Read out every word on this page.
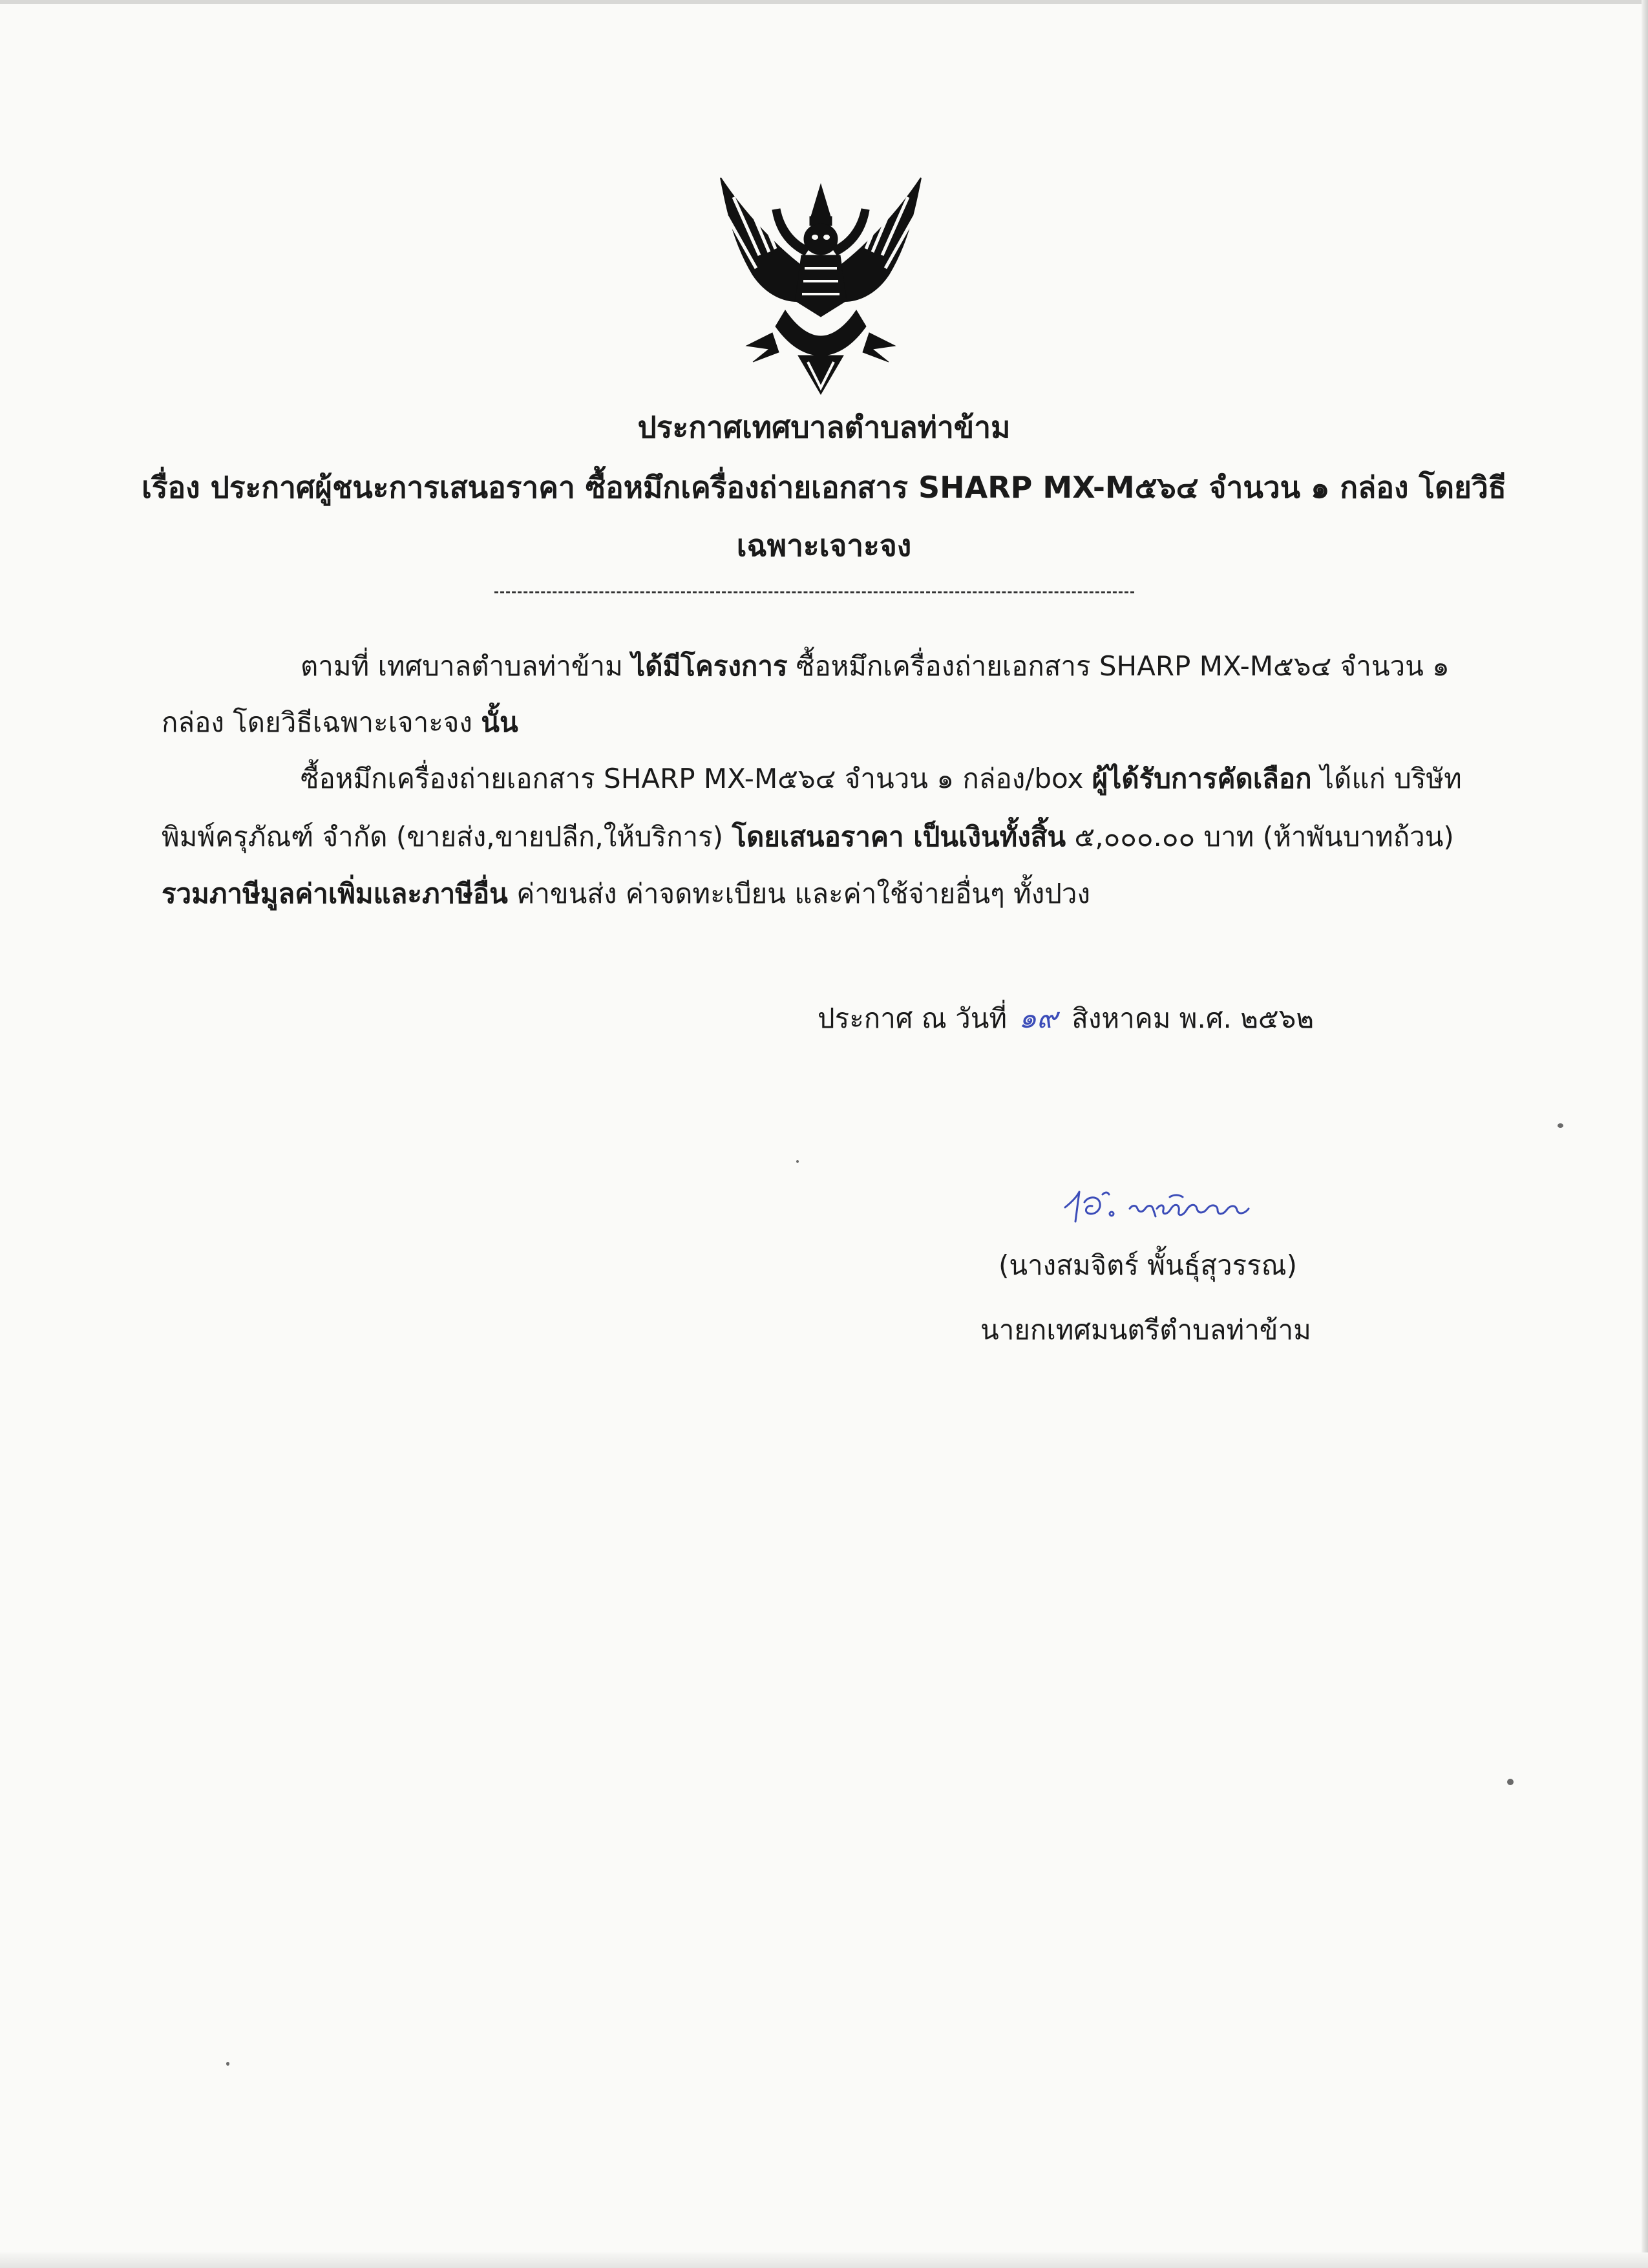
ประกาศเทศบาลตำบลท่าข้าม
เรื่อง ประกาศผู้ชนะการเสนอราคา ซื้อหมึกเครื่องถ่ายเอกสาร SHARP MX-M๕๖๔ จำนวน ๑ กล่อง โดยวิธี
เฉพาะเจาะจง
ตามที่ เทศบาลตำบลท่าข้าม ได้มีโครงการ ซื้อหมึกเครื่องถ่ายเอกสาร SHARP MX-M๕๖๔ จำนวน ๑
กล่อง โดยวิธีเฉพาะเจาะจง นั้น
ซื้อหมึกเครื่องถ่ายเอกสาร SHARP MX-M๕๖๔ จำนวน ๑ กล่อง/box ผู้ได้รับการคัดเลือก ได้แก่ บริษัท
พิมพ์ครุภัณฑ์ จำกัด (ขายส่ง,ขายปลีก,ให้บริการ) โดยเสนอราคา เป็นเงินทั้งสิ้น ๕,๐๐๐.๐๐ บาท (ห้าพันบาทถ้วน)
รวมภาษีมูลค่าเพิ่มและภาษีอื่น ค่าขนส่ง ค่าจดทะเบียน และค่าใช้จ่ายอื่นๆ ทั้งปวง
ประกาศ ณ วันที่ ๑๙ สิงหาคม พ.ศ. ๒๕๖๒
(นางสมจิตร์ พั้นธุ์สุวรรณ)
นายกเทศมนตรีตำบลท่าข้าม
